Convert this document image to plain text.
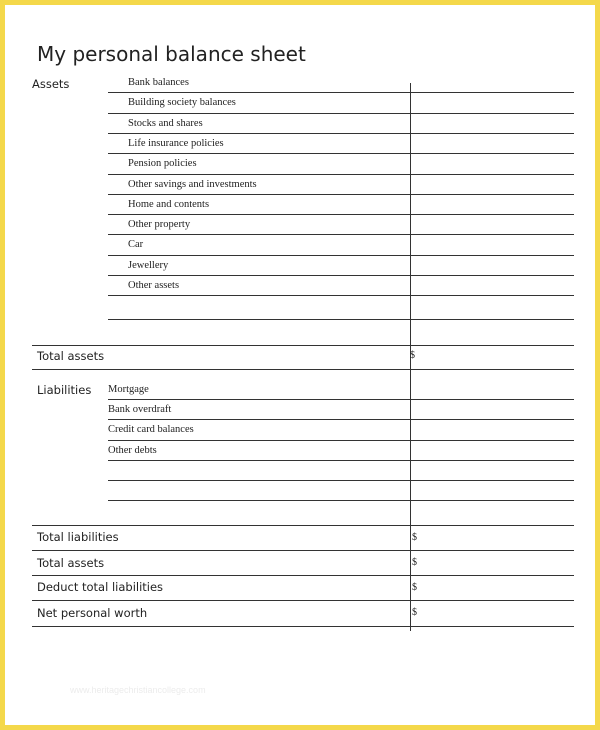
My personal balance sheet
Assets	Bank balances
Building society balances
Stocks and shares
Life insurance policies
Pension policies
Other savings and investments
Home and contents
Other property
Car
Jewellery
Other assets
Total assets	$
Liabilities Mortgage
Bank overdraft
Credit card balances
Other debts
Total liabilities	$
Total assets	$
Deduct total liabilities	$
Net personal worth	$
www.heritagechristiancollege.com
